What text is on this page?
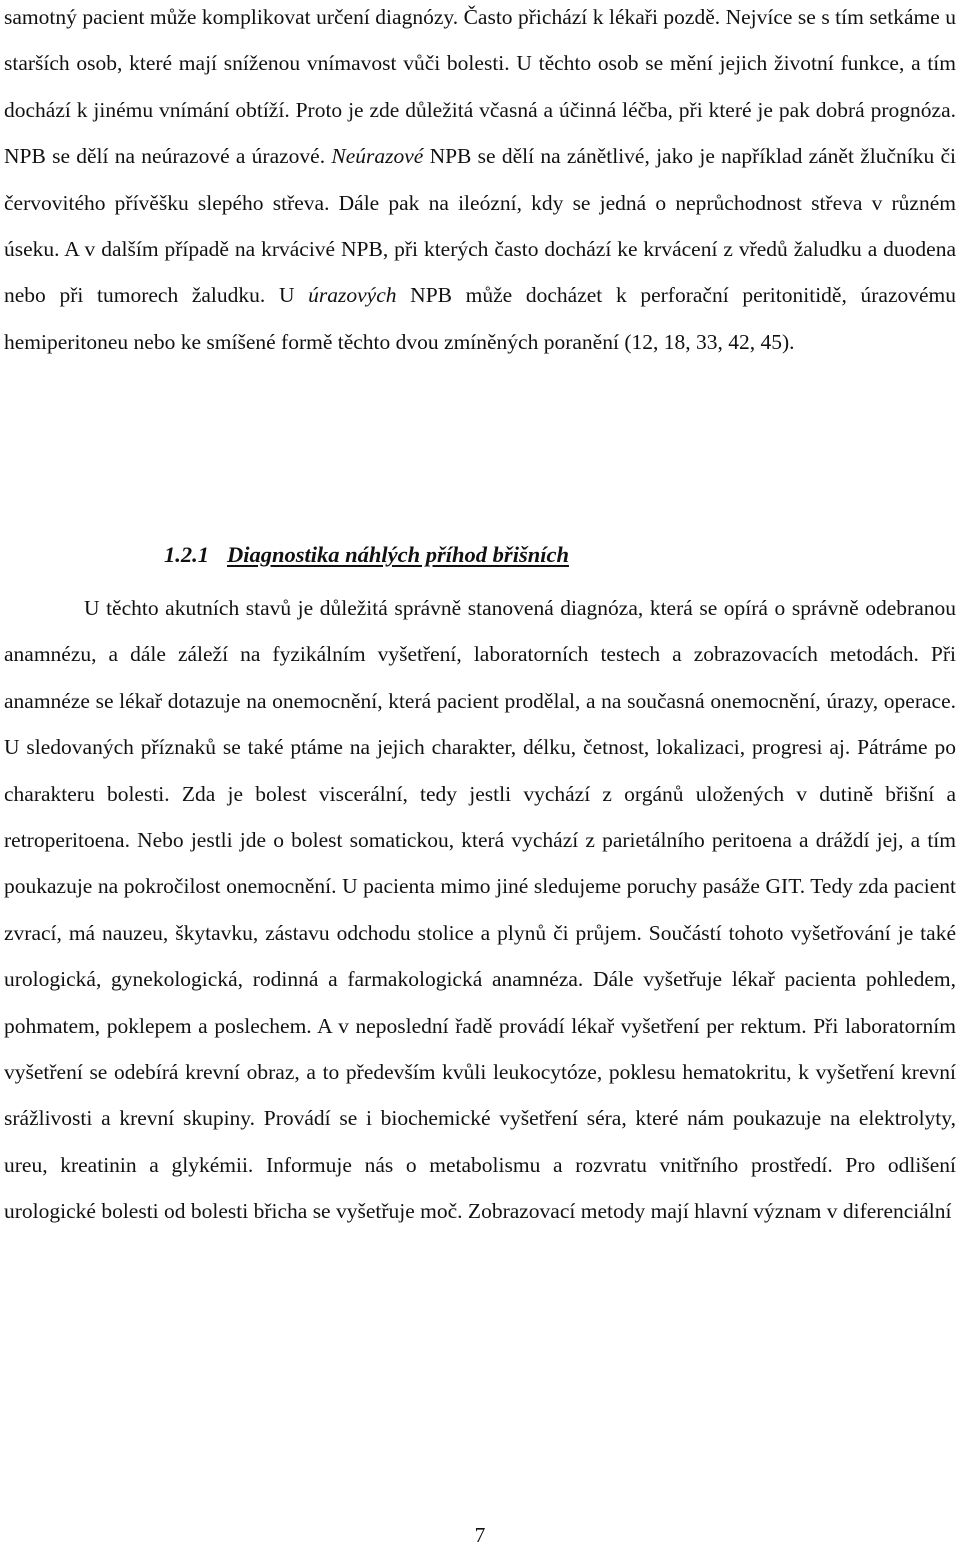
samotný pacient může komplikovat určení diagnózy. Často přichází k lékaři pozdě. Nejvíce se s tím setkáme u starších osob, které mají sníženou vnímavost vůči bolesti. U těchto osob se mění jejich životní funkce, a tím dochází k jinému vnímání obtíží. Proto je zde důležitá včasná a účinná léčba, při které je pak dobrá prognóza. NPB se dělí na neúrazové a úrazové. Neúrazové NPB se dělí na zánětlivé, jako je například zánět žlučníku či červovitého přívěšku slepého střeva. Dále pak na ileózní, kdy se jedná o neprůchodnost střeva v různém úseku. A v dalším případě na krvácivé NPB, při kterých často dochází ke krvácení z vředů žaludku a duodena nebo při tumorech žaludku. U úrazových NPB může docházet k perforační peritonitidě, úrazovému hemiperitoneu nebo ke smíšené formě těchto dvou zmíněných poranění (12, 18, 33, 42, 45).

1.2.1 Diagnostika náhlých příhod břišních

U těchto akutních stavů je důležitá správně stanovená diagnóza, která se opírá o správně odebranou anamnézu, a dále záleží na fyzikálním vyšetření, laboratorních testech a zobrazovacích metodách. Při anamnéze se lékař dotazuje na onemocnění, která pacient prodělal, a na současná onemocnění, úrazy, operace. U sledovaných příznaků se také ptáme na jejich charakter, délku, četnost, lokalizaci, progresi aj. Pátráme po charakteru bolesti. Zda je bolest viscerální, tedy jestli vychází z orgánů uložených v dutině břišní a retroperitoena. Nebo jestli jde o bolest somatickou, která vychází z parietálního peritoena a dráždí jej, a tím poukazuje na pokročilost onemocnění. U pacienta mimo jiné sledujeme poruchy pasáže GIT. Tedy zda pacient zvrací, má nauzeu, škytavku, zástavu odchodu stolice a plynů či průjem. Součástí tohoto vyšetřování je také urologická, gynekologická, rodinná a farmakologická anamnéza. Dále vyšetřuje lékař pacienta pohledem, pohmatem, poklepem a poslechem. A v neposlední řadě provádí lékař vyšetření per rektum. Při laboratorním vyšetření se odebírá krevní obraz, a to především kvůli leukocytóze, poklesu hematokritu, k vyšetření krevní srážlivosti a krevní skupiny. Provádí se i biochemické vyšetření séra, které nám poukazuje na elektrolyty, ureu, kreatinin a glykémii. Informuje nás o metabolismu a rozvratu vnitřního prostředí. Pro odlišení urologické bolesti od bolesti břicha se vyšetřuje moč. Zobrazovací metody mají hlavní význam v diferenciální

7
